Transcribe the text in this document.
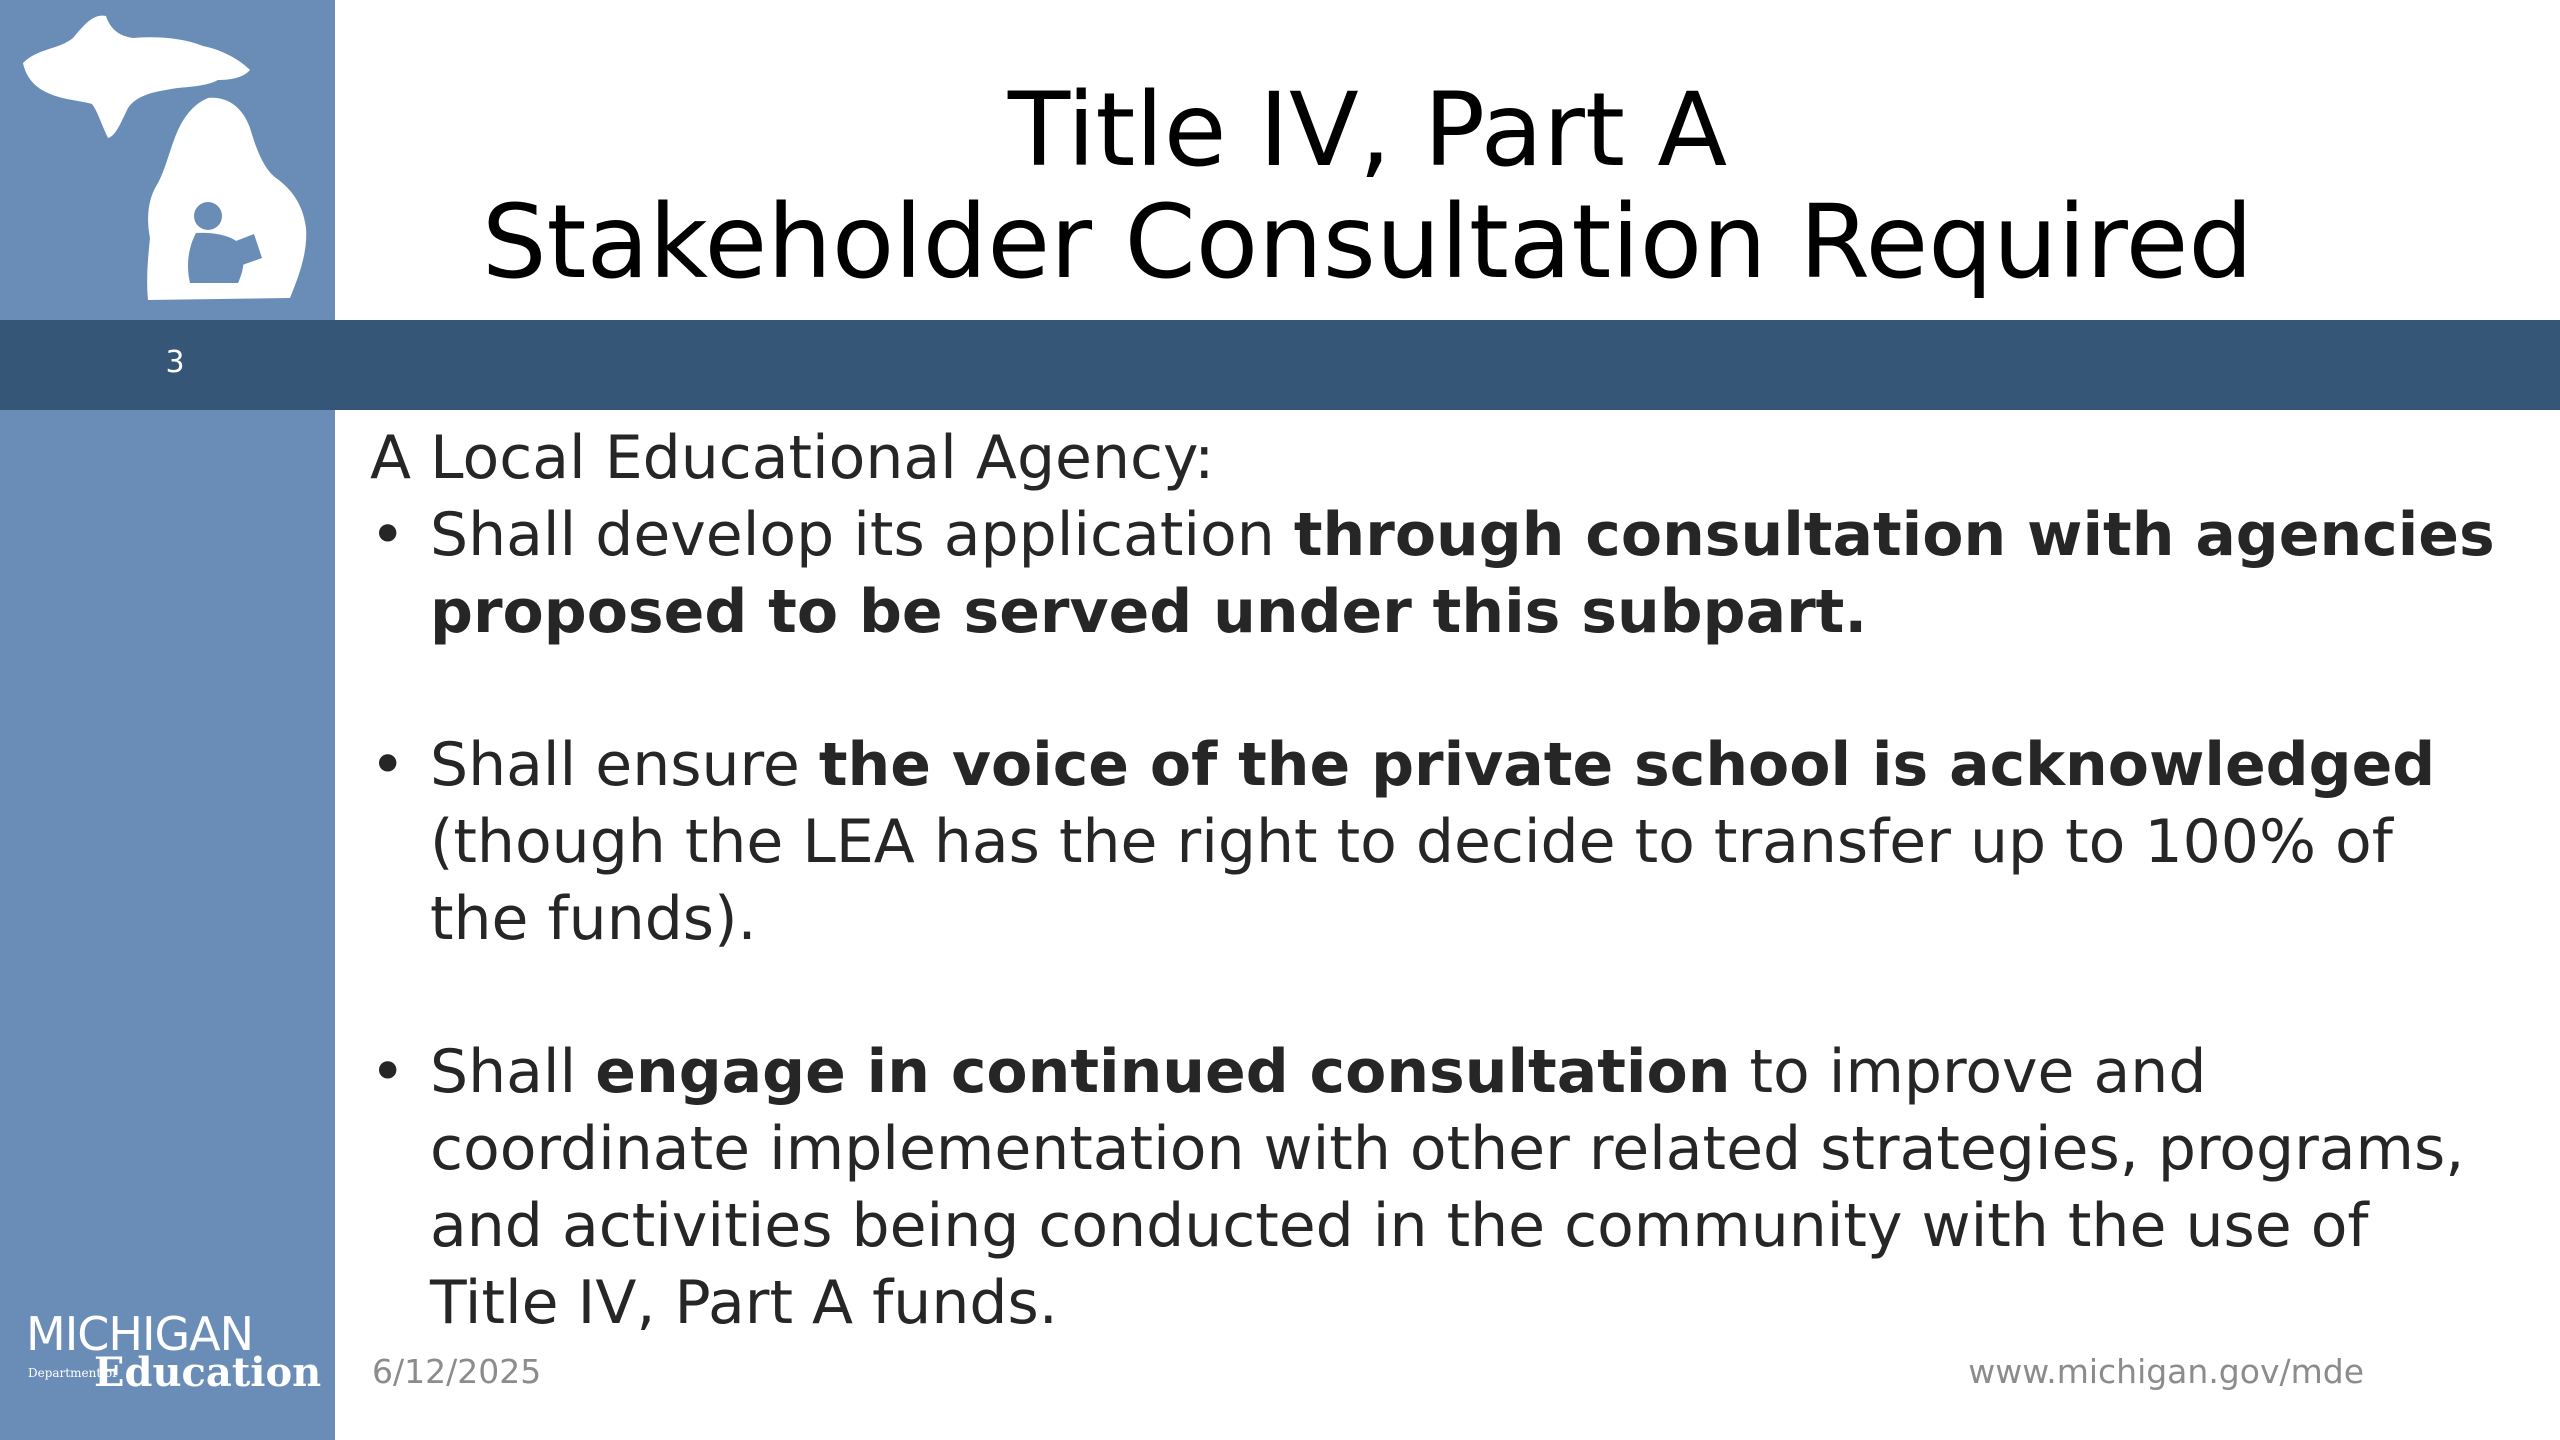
MICHIGAN
Department of
Education
3
Title IV, Part A
Stakeholder Consultation Required

A Local Educational Agency:

• Shall develop its application through consultation with agencies proposed to be served under this subpart.
• Shall ensure the voice of the private school is acknowledged (though the LEA has the right to decide to transfer up to 100% of the funds).
• Shall engage in continued consultation to improve and coordinate implementation with other related strategies, programs, and activities being conducted in the community with the use of Title IV, Part A funds.
6/12/2025	www.michigan.gov/mde
